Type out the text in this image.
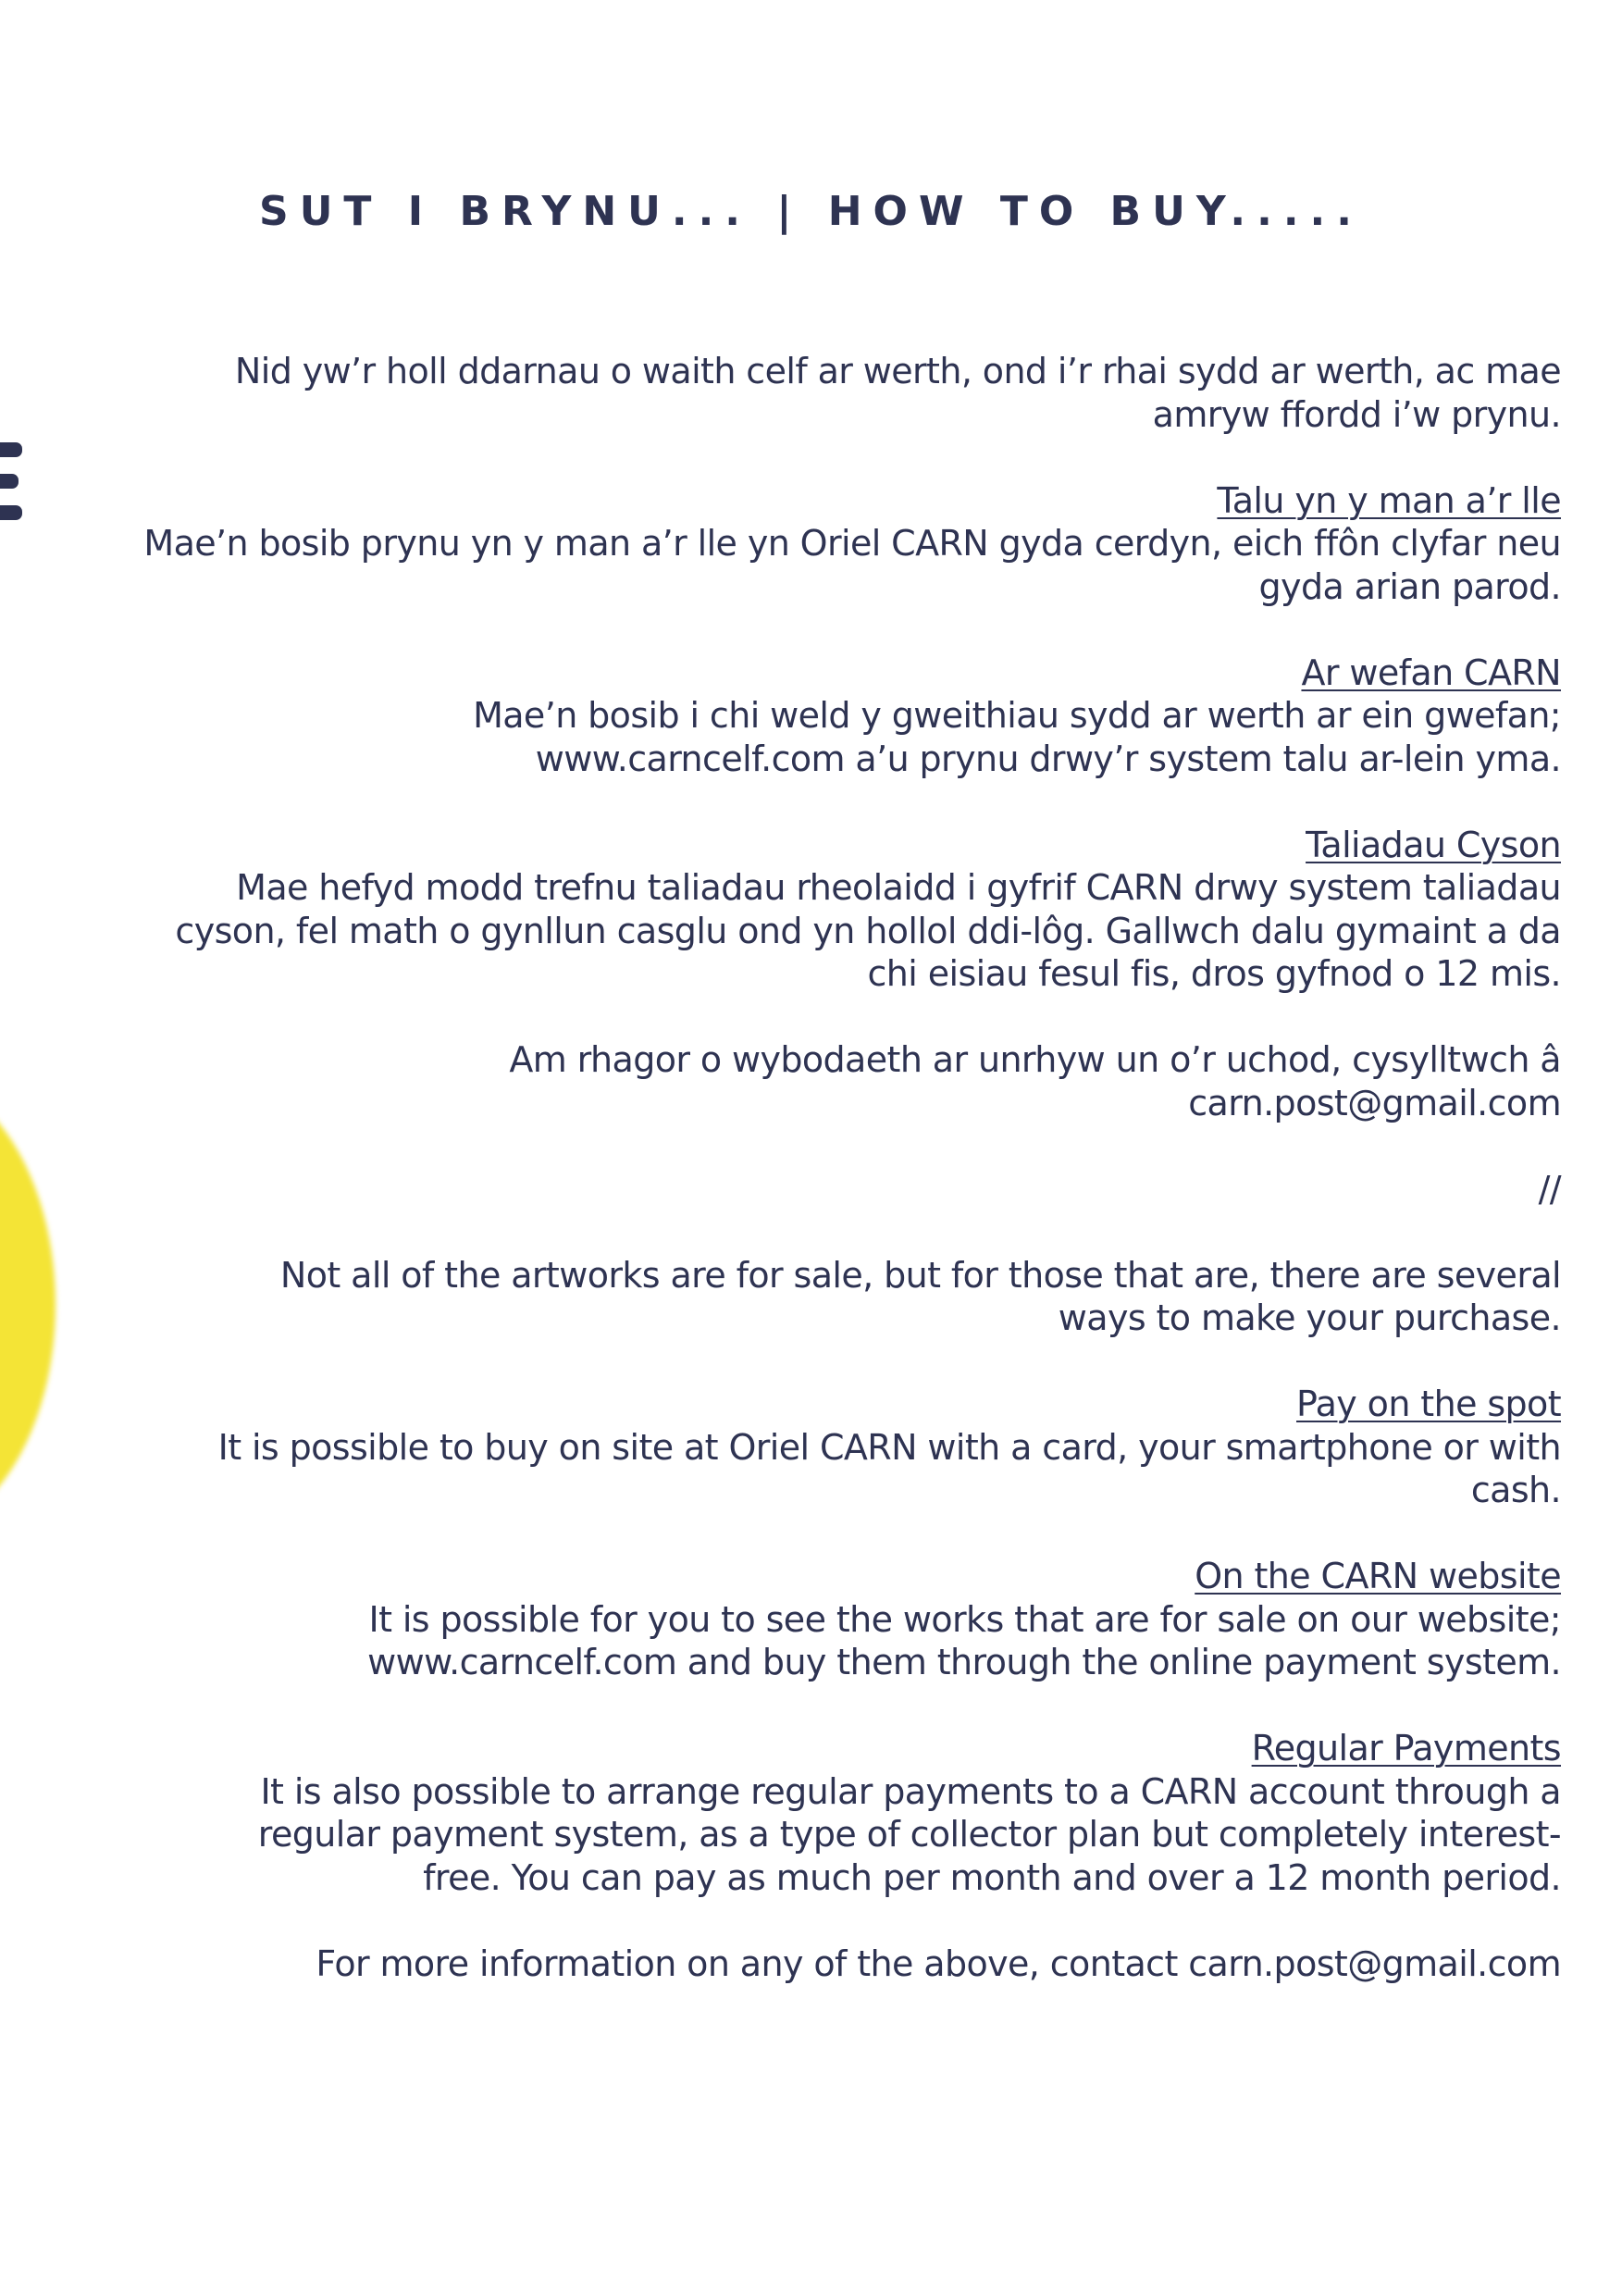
SUT I BRYNU... | HOW TO BUY.....

Nid yw’r holl ddarnau o waith celf ar werth, ond i’r rhai sydd ar werth, ac mae
amryw ffordd i’w prynu.

Talu yn y man a’r lle
Mae’n bosib prynu yn y man a’r lle yn Oriel CARN gyda cerdyn, eich ffôn clyfar neu
gyda arian parod.

Ar wefan CARN
Mae’n bosib i chi weld y gweithiau sydd ar werth ar ein gwefan;
www.carncelf.com a’u prynu drwy’r system talu ar-lein yma.

Taliadau Cyson
Mae hefyd modd trefnu taliadau rheolaidd i gyfrif CARN drwy system taliadau
cyson, fel math o gynllun casglu ond yn hollol ddi-lôg. Gallwch dalu gymaint a da
chi eisiau fesul fis, dros gyfnod o 12 mis.

Am rhagor o wybodaeth ar unrhyw un o’r uchod, cysylltwch â
carn.post@gmail.com

//

Not all of the artworks are for sale, but for those that are, there are several
ways to make your purchase.

Pay on the spot
It is possible to buy on site at Oriel CARN with a card, your smartphone or with
cash.

On the CARN website
It is possible for you to see the works that are for sale on our website;
www.carncelf.com and buy them through the online payment system.

Regular Payments
It is also possible to arrange regular payments to a CARN account through a
regular payment system, as a type of collector plan but completely interest-
free. You can pay as much per month and over a 12 month period.

For more information on any of the above, contact carn.post@gmail.com
